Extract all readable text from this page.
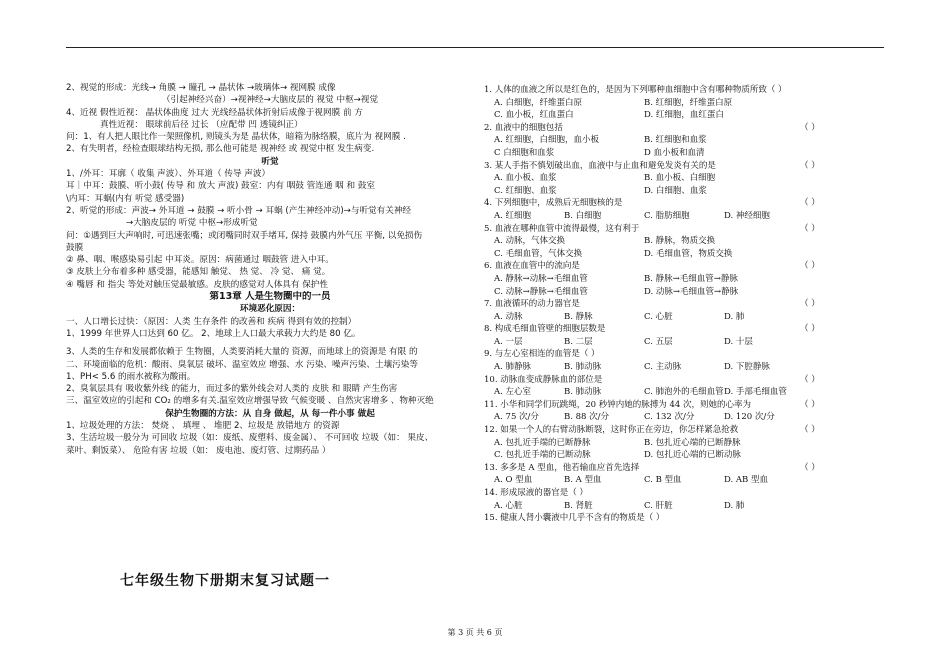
2、视觉的形成：光线→ 角膜 → 瞳孔 → 晶状体 →玻璃体→ 视网膜 成像
（引起神经兴奋）→视神经→大脑皮层的 视觉 中枢→视觉
4、近视 假性近视： 晶状体曲度 过大 光线经晶状体折射后成像于视网膜 前 方
真性近视： 眼球前后径 过长 （应配带 凹 透镜纠正）
问：1、有人把人眼比作一架照像机, 则镜头为是 晶状体，暗箱为脉络膜，底片为 视网膜 .
2、有失明者，经检查眼球结构无损, 那么他可能是 视神经 或 视觉中枢 发生病变.
听觉
1、/外耳：耳廓（ 收集 声波）、外耳道（ 传导 声波）
耳｜中耳：鼓膜、听小鼓( 传导 和 放大 声波) 鼓室：内有 咽鼓 管连通 咽 和 鼓室
\内耳：耳蜗(内有 听觉 感受器)
2、听觉的形成：声波→ 外耳道 → 鼓膜 → 听小骨 → 耳蜗 (产生神经冲动)→与听觉有关神经
→大脑皮层的 听觉 中枢→形成听觉
问：①遇到巨大声响时, 可迅速张嘴；或闭嘴同时双手堵耳, 保持 鼓膜内外气压 平衡, 以免损伤
鼓膜
② 鼻、咽、喉感染易引起 中耳炎。原因：病菌通过 咽鼓管 进入中耳。
③ 皮肤上分布着多种 感受器，能感知 触觉、 热 觉、 冷 觉、 痛 觉。
④ 嘴唇 和 指尖 等处对触压觉最敏感。皮肤的感觉对人体具有 保护性
第13章 人是生物圈中的一员
环境恶化原因：
一、人口增长过快：（原因：人类 生存条件 的改善和 疾病 得到有效的控制）
1、1999 年世界人口达到 60 亿。 2、地球上人口最大承载力大约是 80 亿。
3、人类的生存和发展都依赖于 生物圈，人类要消耗大量的 资源，而地球上的资源是 有限 的
二、环境面临的危机：酸雨、臭氧层 破坏、温室效应 增强、水 污染、噪声污染、土壤污染等
1、PH< 5.6 的雨水被称为酸雨。
2、臭氧层具有 吸收紫外线 的能力，而过多的紫外线会对人类的 皮肤 和 眼睛 产生伤害
三、温室效应的引起和 CO₂ 的增多有关.温室效应增强导致 气候变暖 、自然灾害增多 、物种灭绝
保护生物圈的方法：从 自身 做起，从 每一件小事 做起
1、垃圾处理的方法： 焚烧 、 填埋 、 堆肥 2、垃圾是 放错地方 的资源
3、生活垃圾一般分为 可回收 垃圾（如：废纸、废塑料、废金属）、 不可回收 垃圾（如： 果皮、
菜叶、剩饭菜）、 危险有害 垃圾（如： 废电池、废灯管、过期药品 ）
七年级生物下册期末复习试题一
1. 人体的血液之所以是红色的，是因为下列哪种血细胞中含有哪种物质所致（ ）
A. 白细胞，纤维蛋白原	B. 红细胞，纤维蛋白原
C. 血小板，红血蛋白	D. 红细胞，血红蛋白
2. 血液中的细胞包括	（ ）
A. 红细胞，白细胞，血小板	B. 红细胞和血浆
C 白细胞和血浆	D 血小板和血清
3. 某人手指不慎划破出血，血液中与止血和避免发炎有关的是	（ ）
A. 血小板、血浆	B. 血小板、白细胞
C. 红细胞、血浆	D. 白细胞、血浆
4. 下列细胞中，成熟后无细胞核的是	（ ）
A. 红细胞	B. 白细胞	C. 脂肪细胞	D. 神经细胞
5. 血液在哪种血管中流得最慢，这有利于	（ ）
A. 动脉，气体交换	B. 静脉，物质交换
C. 毛细血管，气体交换	D. 毛细血管，物质交换
6. 血液在血管中的流向是	（ ）
A. 静脉→动脉→毛细血管	B. 静脉→毛细血管→静脉
C. 动脉→静脉→毛细血管	D. 动脉→毛细血管→静脉
7. 血液循环的动力器官是	（ ）
A. 动脉	B. 静脉	C. 心脏	D. 肺
8. 构成毛细血管壁的细胞层数是	（ ）
A. 一层	B. 二层	C. 五层	D. 十层
9. 与左心室相连的血管是（ ）
A. 肺静脉	B. 肺动脉	C. 主动脉	D. 下腔静脉
10. 动脉血变成静脉血的部位是	（ ）
A. 左心室	B. 肺动脉	C. 肺泡外的毛细血管 D. 手部毛细血管
11. 小华和同学们玩跳绳，20 秒钟内她的脉搏为 44 次，则她的心率为	（ ）
A. 75 次/分	B. 88 次/分	C. 132 次/分	D. 120 次/分
12. 如果一个人的右臂动脉断裂，这时你正在旁边，你怎样紧急抢救	（ ）
A. 包扎近手端的已断静脉	B. 包扎近心端的已断静脉
C. 包扎近手端的已断动脉	D. 包扎近心端的已断动脉
13. 多多是 A 型血，他若输血应首先选择	（ ）
A. O 型血	B. A 型血	C. B 型血	D. AB 型血
14. 形成尿液的器官是（ ）
A. 心脏	B. 肾脏	C. 肝脏	D. 肺
15. 健康人肾小囊液中几乎不含有的物质是（ ）
第 3 页 共 6 页
